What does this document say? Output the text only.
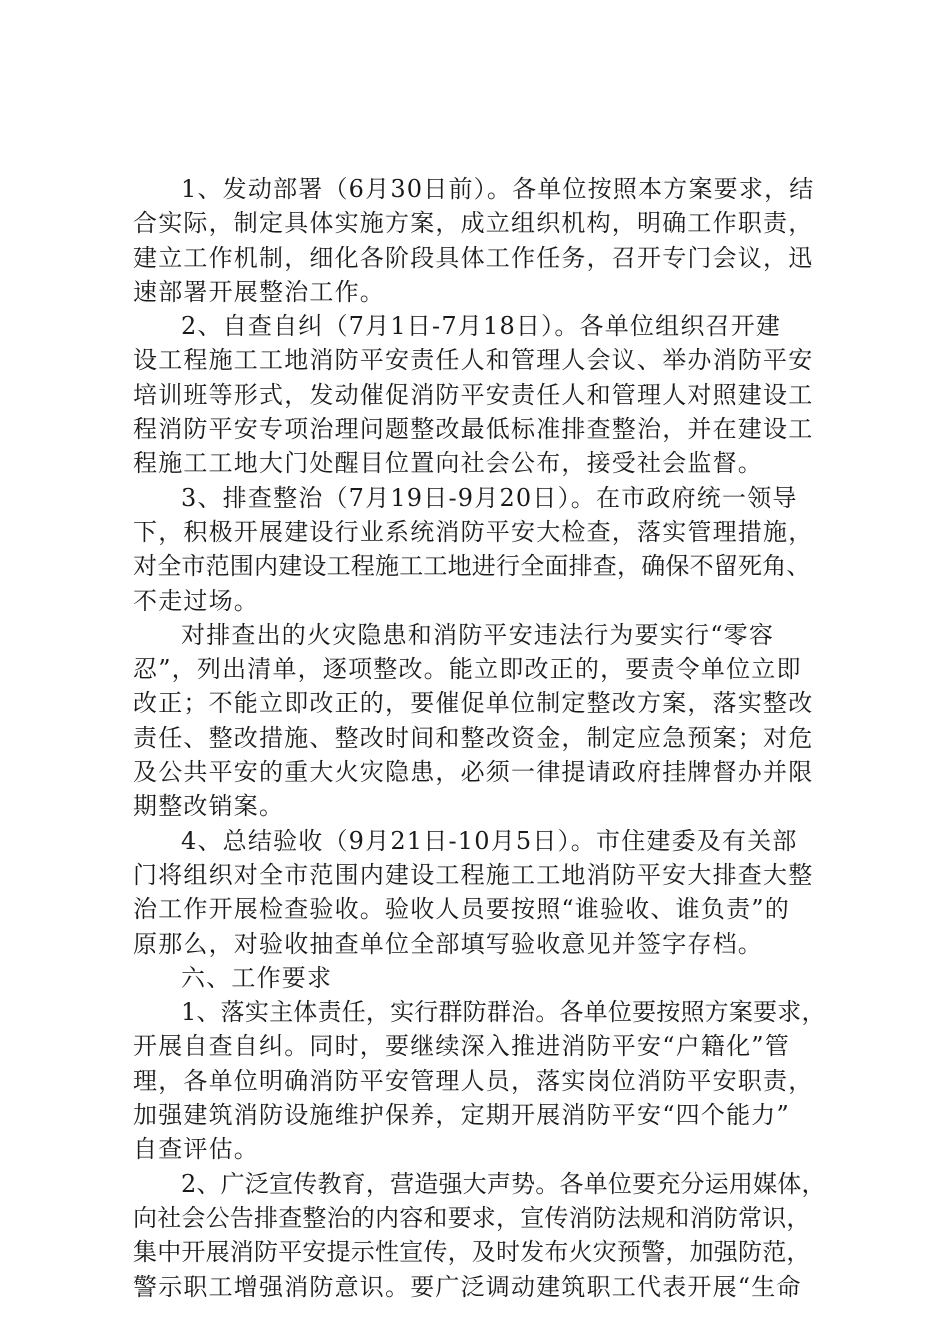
1、发动部署（6月30日前）。各单位按照本方案要求，结
合实际，制定具体实施方案，成立组织机构，明确工作职责，
建立工作机制，细化各阶段具体工作任务，召开专门会议，迅
速部署开展整治工作。
2、自查自纠（7月1日-7月18日）。各单位组织召开建
设工程施工工地消防平安责任人和管理人会议、举办消防平安
培训班等形式，发动催促消防平安责任人和管理人对照建设工
程消防平安专项治理问题整改最低标准排查整治，并在建设工
程施工工地大门处醒目位置向社会公布，接受社会监督。
3、排查整治（7月19日-9月20日）。在市政府统一领导
下，积极开展建设行业系统消防平安大检查，落实管理措施，
对全市范围内建设工程施工工地进行全面排查，确保不留死角、
不走过场。
对排查出的火灾隐患和消防平安违法行为要实行“零容
忍”，列出清单，逐项整改。能立即改正的，要责令单位立即
改正；不能立即改正的，要催促单位制定整改方案，落实整改
责任、整改措施、整改时间和整改资金，制定应急预案；对危
及公共平安的重大火灾隐患，必须一律提请政府挂牌督办并限
期整改销案。
4、总结验收（9月21日-10月5日）。市住建委及有关部
门将组织对全市范围内建设工程施工工地消防平安大排查大整
治工作开展检查验收。验收人员要按照“谁验收、谁负责”的
原那么，对验收抽查单位全部填写验收意见并签字存档。
六、工作要求
1、落实主体责任，实行群防群治。各单位要按照方案要求，
开展自查自纠。同时，要继续深入推进消防平安“户籍化”管
理，各单位明确消防平安管理人员，落实岗位消防平安职责，
加强建筑消防设施维护保养，定期开展消防平安“四个能力”
自查评估。
2、广泛宣传教育，营造强大声势。各单位要充分运用媒体，
向社会公告排查整治的内容和要求，宣传消防法规和消防常识，
集中开展消防平安提示性宣传，及时发布火灾预警，加强防范，
警示职工增强消防意识。要广泛调动建筑职工代表开展“生命
